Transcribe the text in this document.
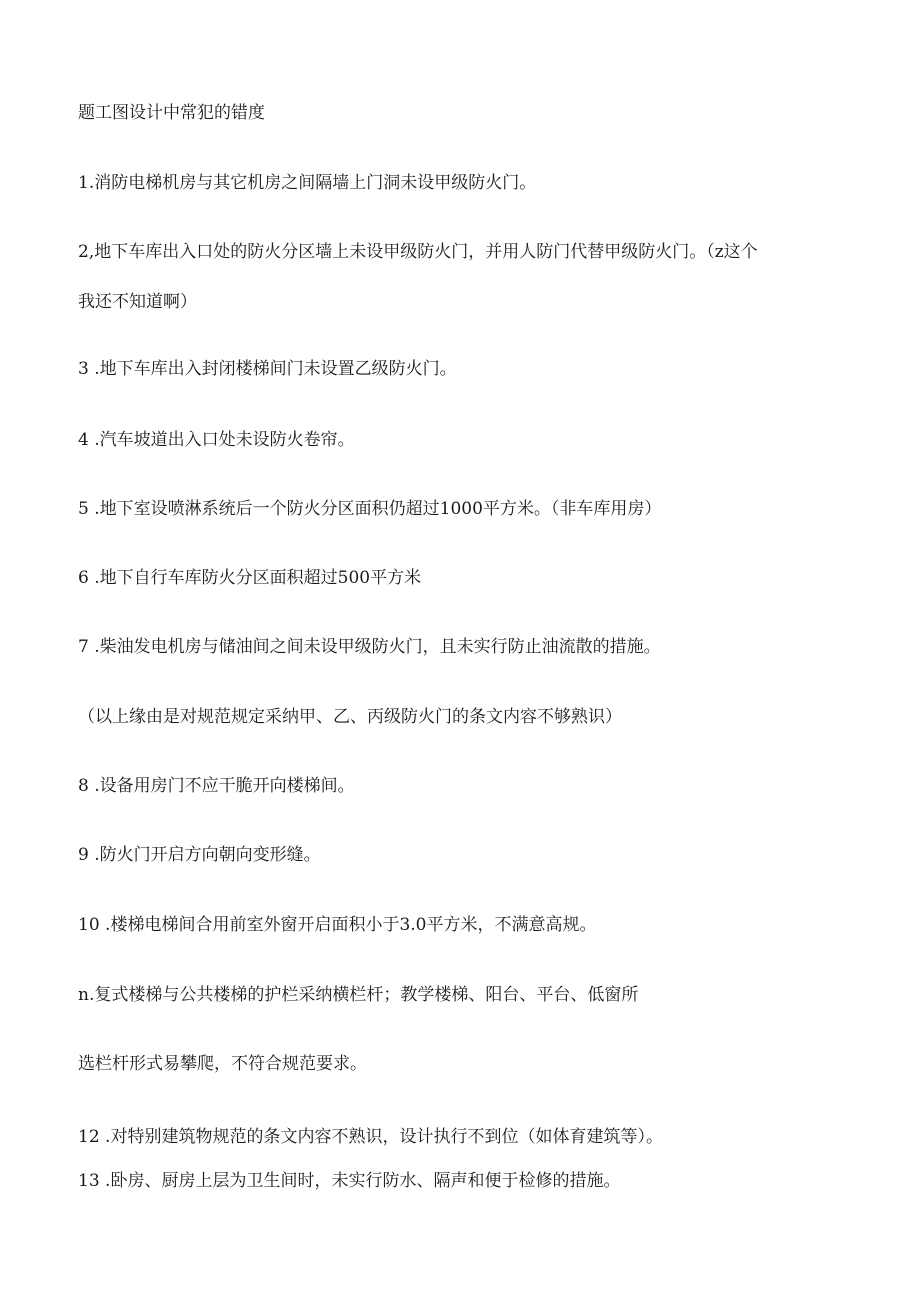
题工图设计中常犯的错度

1.消防电梯机房与其它机房之间隔墙上门洞未设甲级防火门。

2,地下车库出入口处的防火分区墙上未设甲级防火门，并用人防门代替甲级防火门。（z这个

我还不知道啊）

3 .地下车库出入封闭楼梯间门未设置乙级防火门。

4 .汽车坡道出入口处未设防火卷帘。

5 .地下室设喷淋系统后一个防火分区面积仍超过1000平方米。（非车库用房）

6 .地下自行车库防火分区面积超过500平方米

7 .柴油发电机房与储油间之间未设甲级防火门，且未实行防止油流散的措施。

（以上缘由是对规范规定采纳甲、乙、丙级防火门的条文内容不够熟识）

8 .设备用房门不应干脆开向楼梯间。

9 .防火门开启方向朝向变形缝。

10 .楼梯电梯间合用前室外窗开启面积小于3.0平方米，不满意高规。

n.复式楼梯与公共楼梯的护栏采纳横栏杆；教学楼梯、阳台、平台、低窗所

选栏杆形式易攀爬，不符合规范要求。

12 .对特别建筑物规范的条文内容不熟识，设计执行不到位（如体育建筑等）。

13 .卧房、厨房上层为卫生间时，未实行防水、隔声和便于检修的措施。
